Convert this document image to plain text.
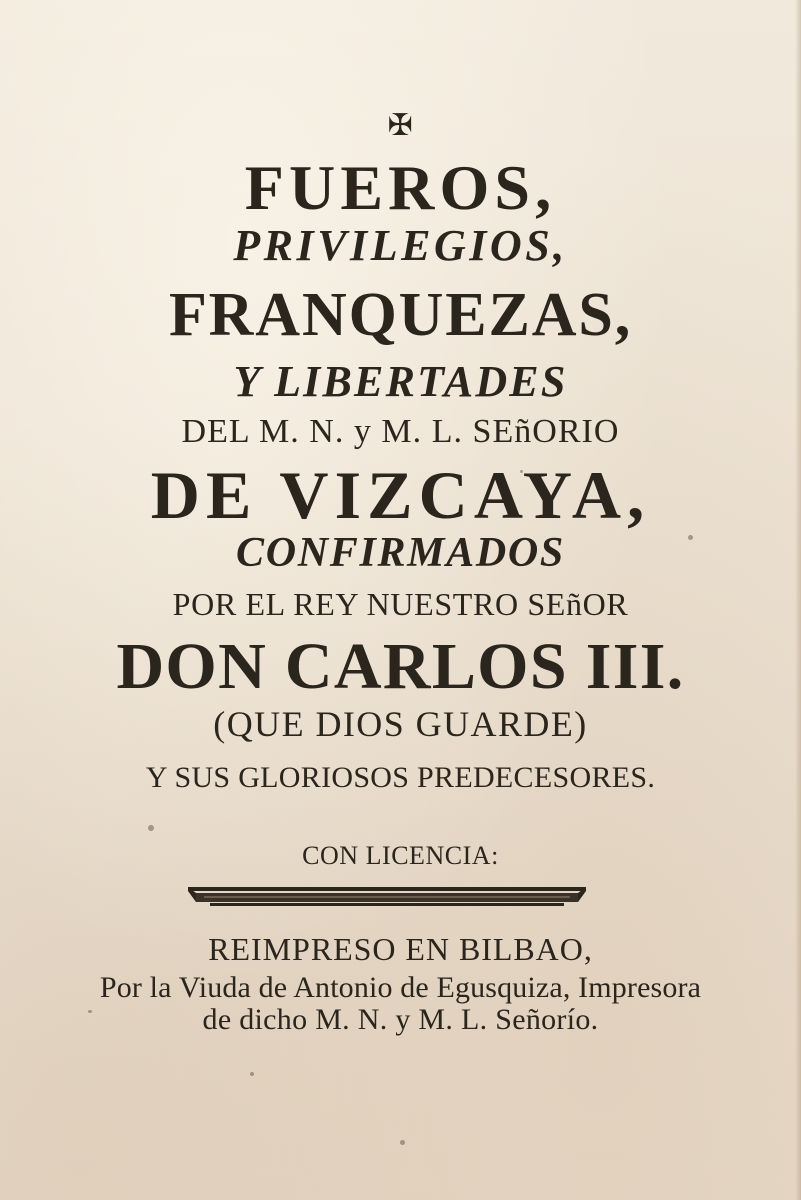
✠
FUEROS,
PRIVILEGIOS,
FRANQUEZAS,
Y LIBERTADES
DEL M. N. y M. L. SEñORIO
DE VIZCAYA,
CONFIRMADOS
POR EL REY NUESTRO SEñOR
DON CARLOS III.
(QUE DIOS GUARDE)
Y SUS GLORIOSOS PREDECESORES.
CON LICENCIA:
REIMPRESO EN BILBAO,
Por la Viuda de Antonio de Egusquiza, Impresora
de dicho M. N. y M. L. Señorío.
